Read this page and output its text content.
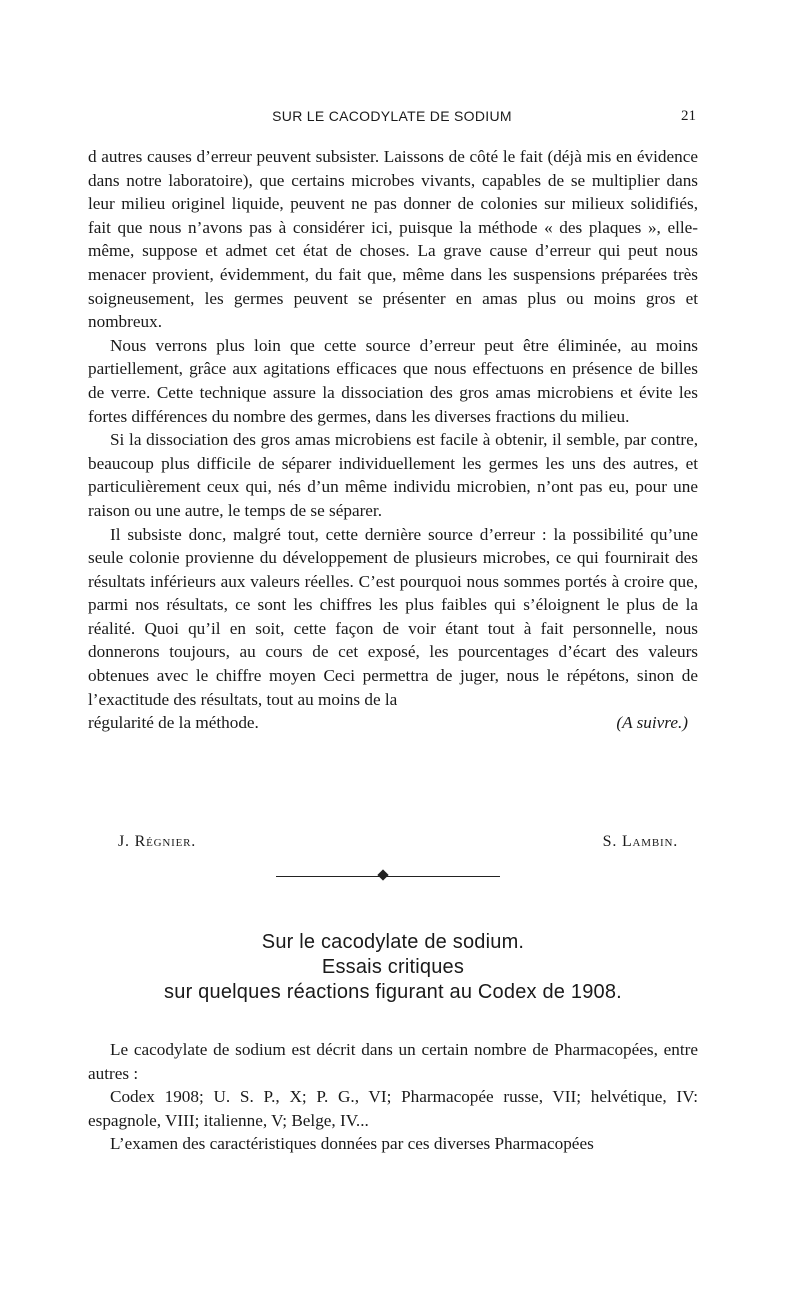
SUR LE CACODYLATE DE SODIUM	21

d autres causes d’erreur peuvent subsister. Laissons de côté le fait (déjà mis en évidence dans notre laboratoire), que certains microbes vivants, capables de se multiplier dans leur milieu originel liquide, peuvent ne pas donner de colonies sur milieux solidifiés, fait que nous n’avons pas à considérer ici, puisque la méthode « des plaques », elle-même, suppose et admet cet état de choses. La grave cause d’erreur qui peut nous menacer provient, évidemment, du fait que, même dans les suspensions préparées très soigneusement, les germes peuvent se présenter en amas plus ou moins gros et nombreux.

Nous verrons plus loin que cette source d’erreur peut être éliminée, au moins partiellement, grâce aux agitations efficaces que nous effectuons en présence de billes de verre. Cette technique assure la dissociation des gros amas microbiens et évite les fortes différences du nombre des germes, dans les diverses fractions du milieu.

Si la dissociation des gros amas microbiens est facile à obtenir, il semble, par contre, beaucoup plus difficile de séparer individuellement les germes les uns des autres, et particulièrement ceux qui, nés d’un même individu microbien, n’ont pas eu, pour une raison ou une autre, le temps de se séparer.

Il subsiste donc, malgré tout, cette dernière source d’erreur : la possibilité qu’une seule colonie provienne du développement de plusieurs microbes, ce qui fournirait des résultats inférieurs aux valeurs réelles. C’est pourquoi nous sommes portés à croire que, parmi nos résultats, ce sont les chiffres les plus faibles qui s’éloignent le plus de la réalité. Quoi qu’il en soit, cette façon de voir étant tout à fait personnelle, nous donnerons toujours, au cours de cet exposé, les pourcentages d’écart des valeurs obtenues avec le chiffre moyen Ceci permettra de juger, nous le répétons, sinon de l’exactitude des résultats, tout au moins de la

régularité de la méthode.	(A suivre.)
J. Régnier.	S. Lambin.
Sur le cacodylate de sodium.
Essais critiques
sur quelques réactions figurant au Codex de 1908.

Le cacodylate de sodium est décrit dans un certain nombre de Pharmacopées, entre autres :

Codex 1908; U. S. P., X; P. G., VI; Pharmacopée russe, VII; helvétique, IV: espagnole, VIII; italienne, V; Belge, IV...

L’examen des caractéristiques données par ces diverses Pharmacopées
